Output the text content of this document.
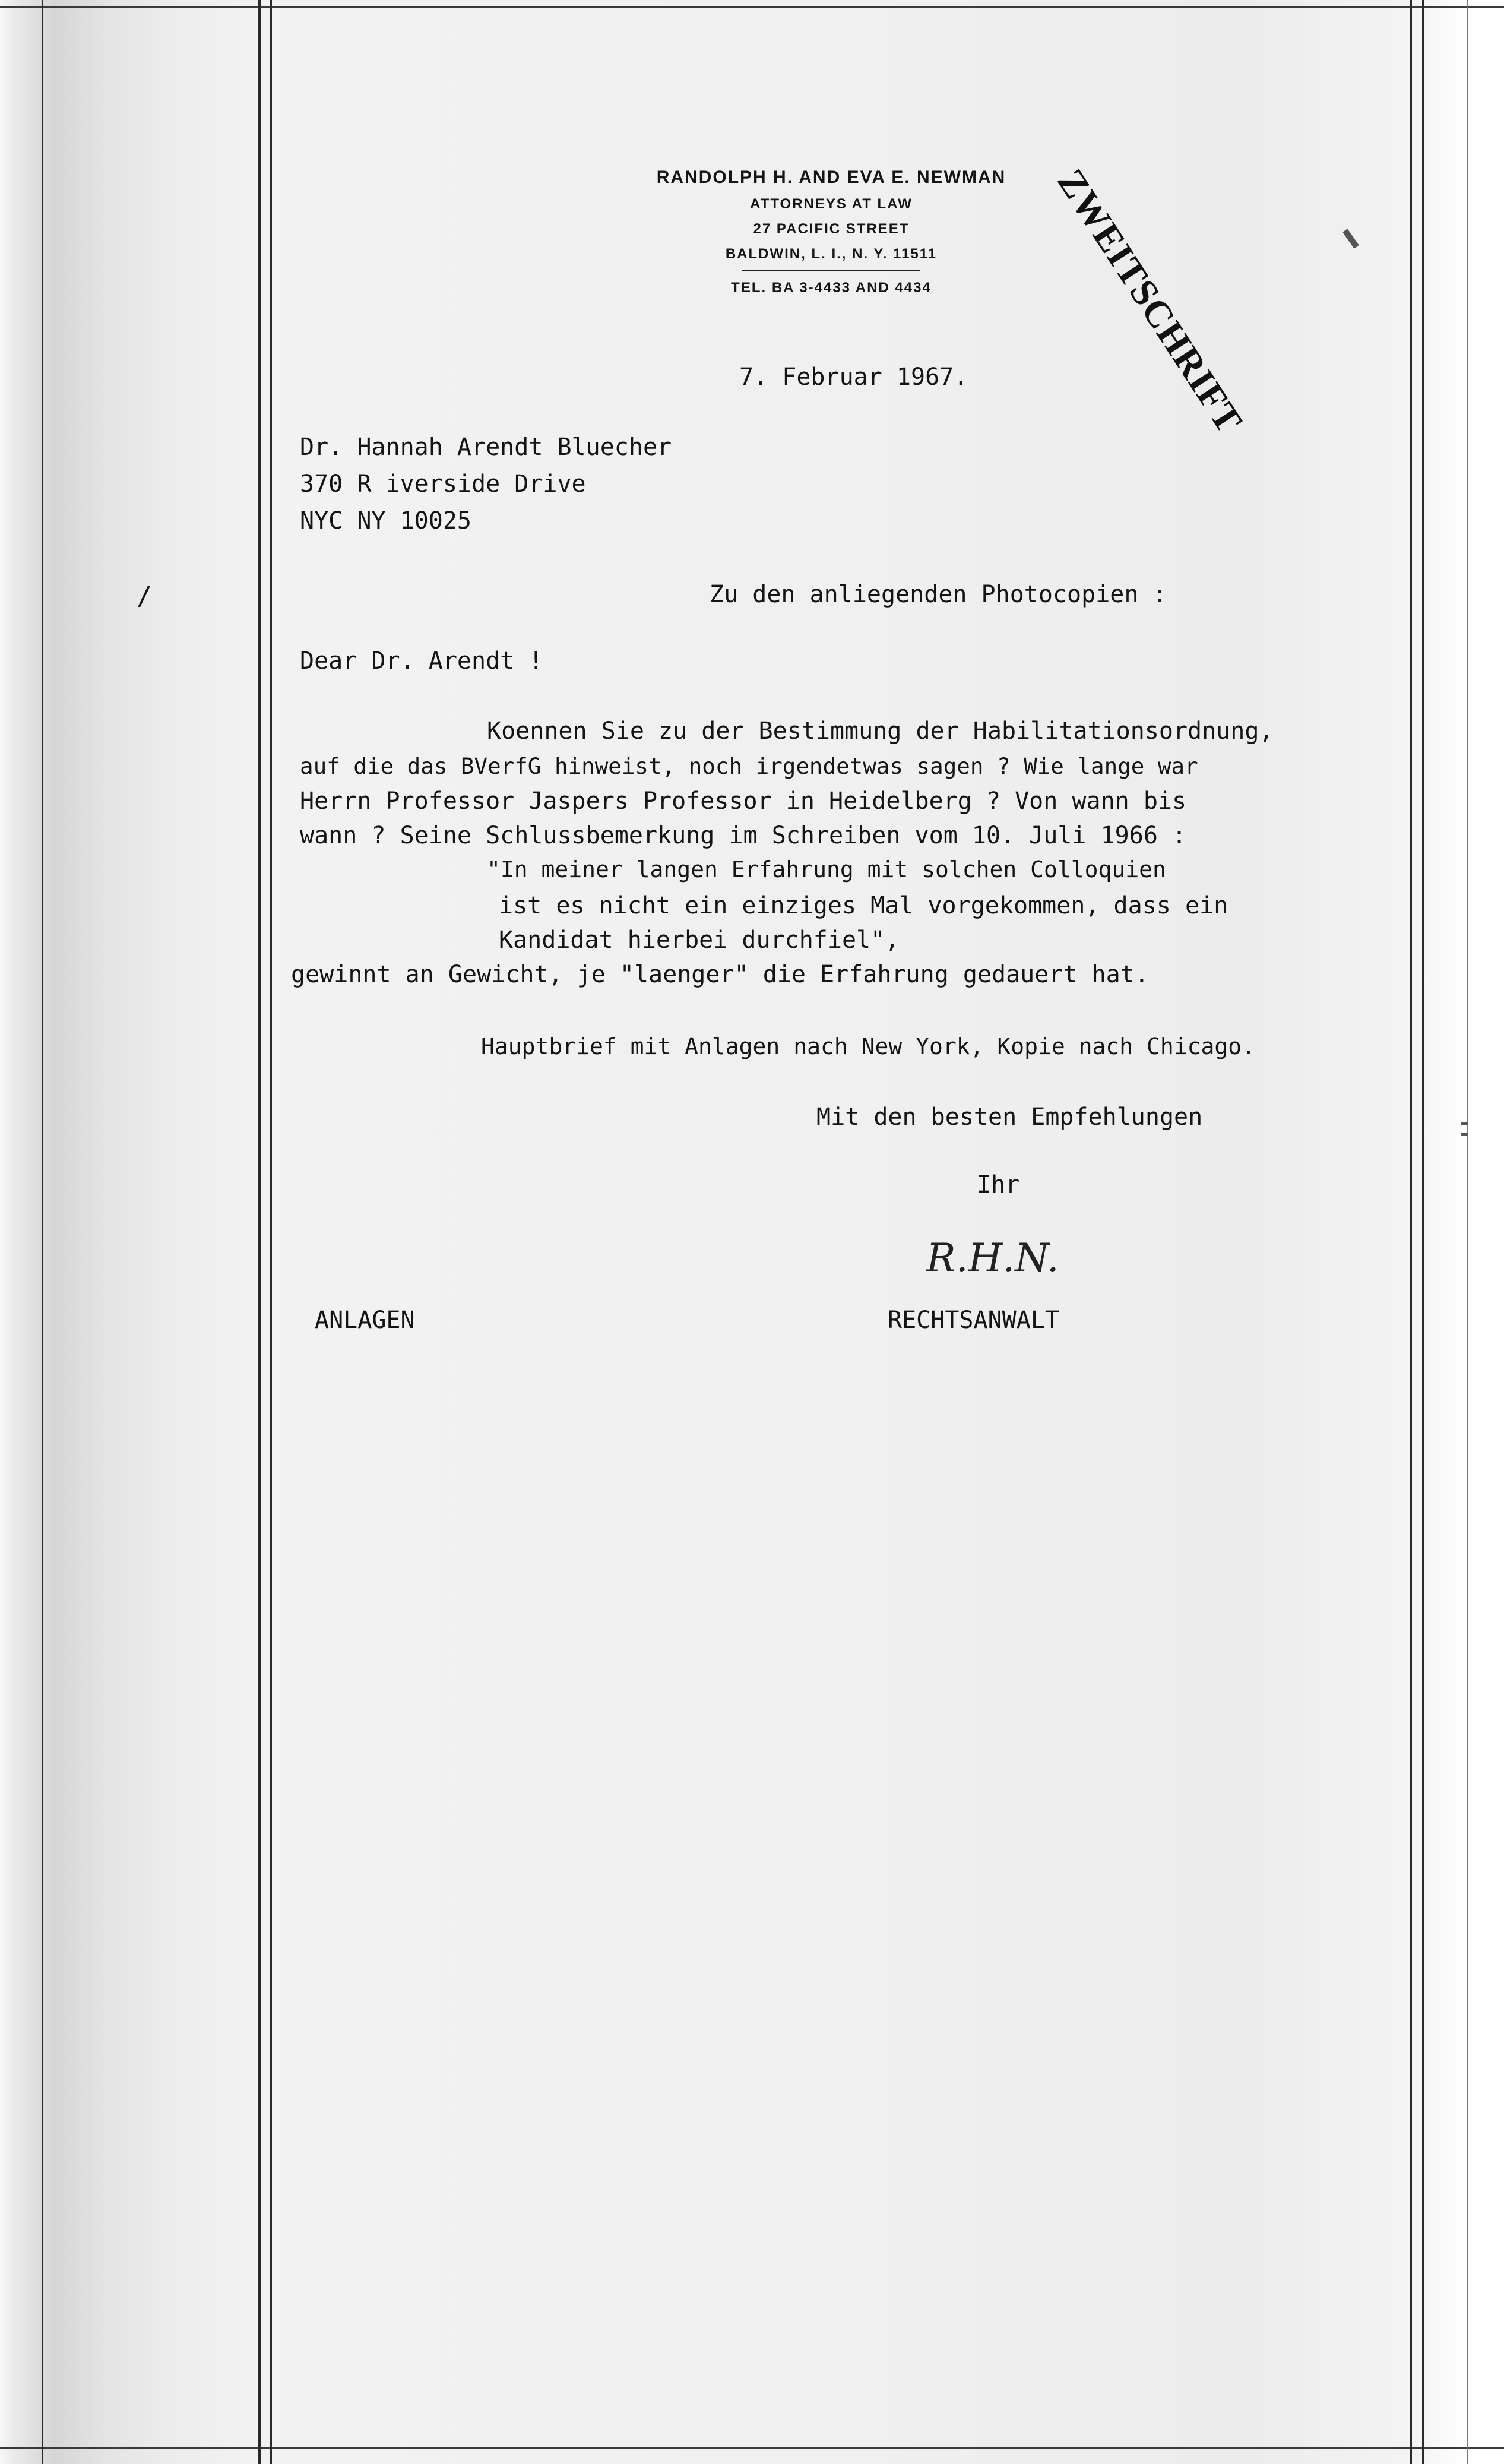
RANDOLPH H. AND EVA E. NEWMAN
ATTORNEYS AT LAW
27 PACIFIC STREET
BALDWIN, L. I., N. Y. 11511
TEL. BA 3-4433 AND 4434	ZWEITSCHRIFT
7. Februar 1967.
Dr. Hannah Arendt Bluecher
370 R iverside Drive
NYC NY 10025
/	Zu den anliegenden Photocopien :
Dear Dr. Arendt !
Koennen Sie zu der Bestimmung der Habilitationsordnung,
auf die das BVerfG hinweist, noch irgendetwas sagen ? Wie lange war
Herrn Professor Jaspers Professor in Heidelberg ? Von wann bis
wann ? Seine Schlussbemerkung im Schreiben vom 10. Juli 1966 :
"In meiner langen Erfahrung mit solchen Colloquien
ist es nicht ein einziges Mal vorgekommen, dass ein
Kandidat hierbei durchfiel",
gewinnt an Gewicht, je "laenger" die Erfahrung gedauert hat.
Hauptbrief mit Anlagen nach New York, Kopie nach Chicago.
Mit den besten Empfehlungen
Ihr
R.H.N.
ANLAGEN	RECHTSANWALT
